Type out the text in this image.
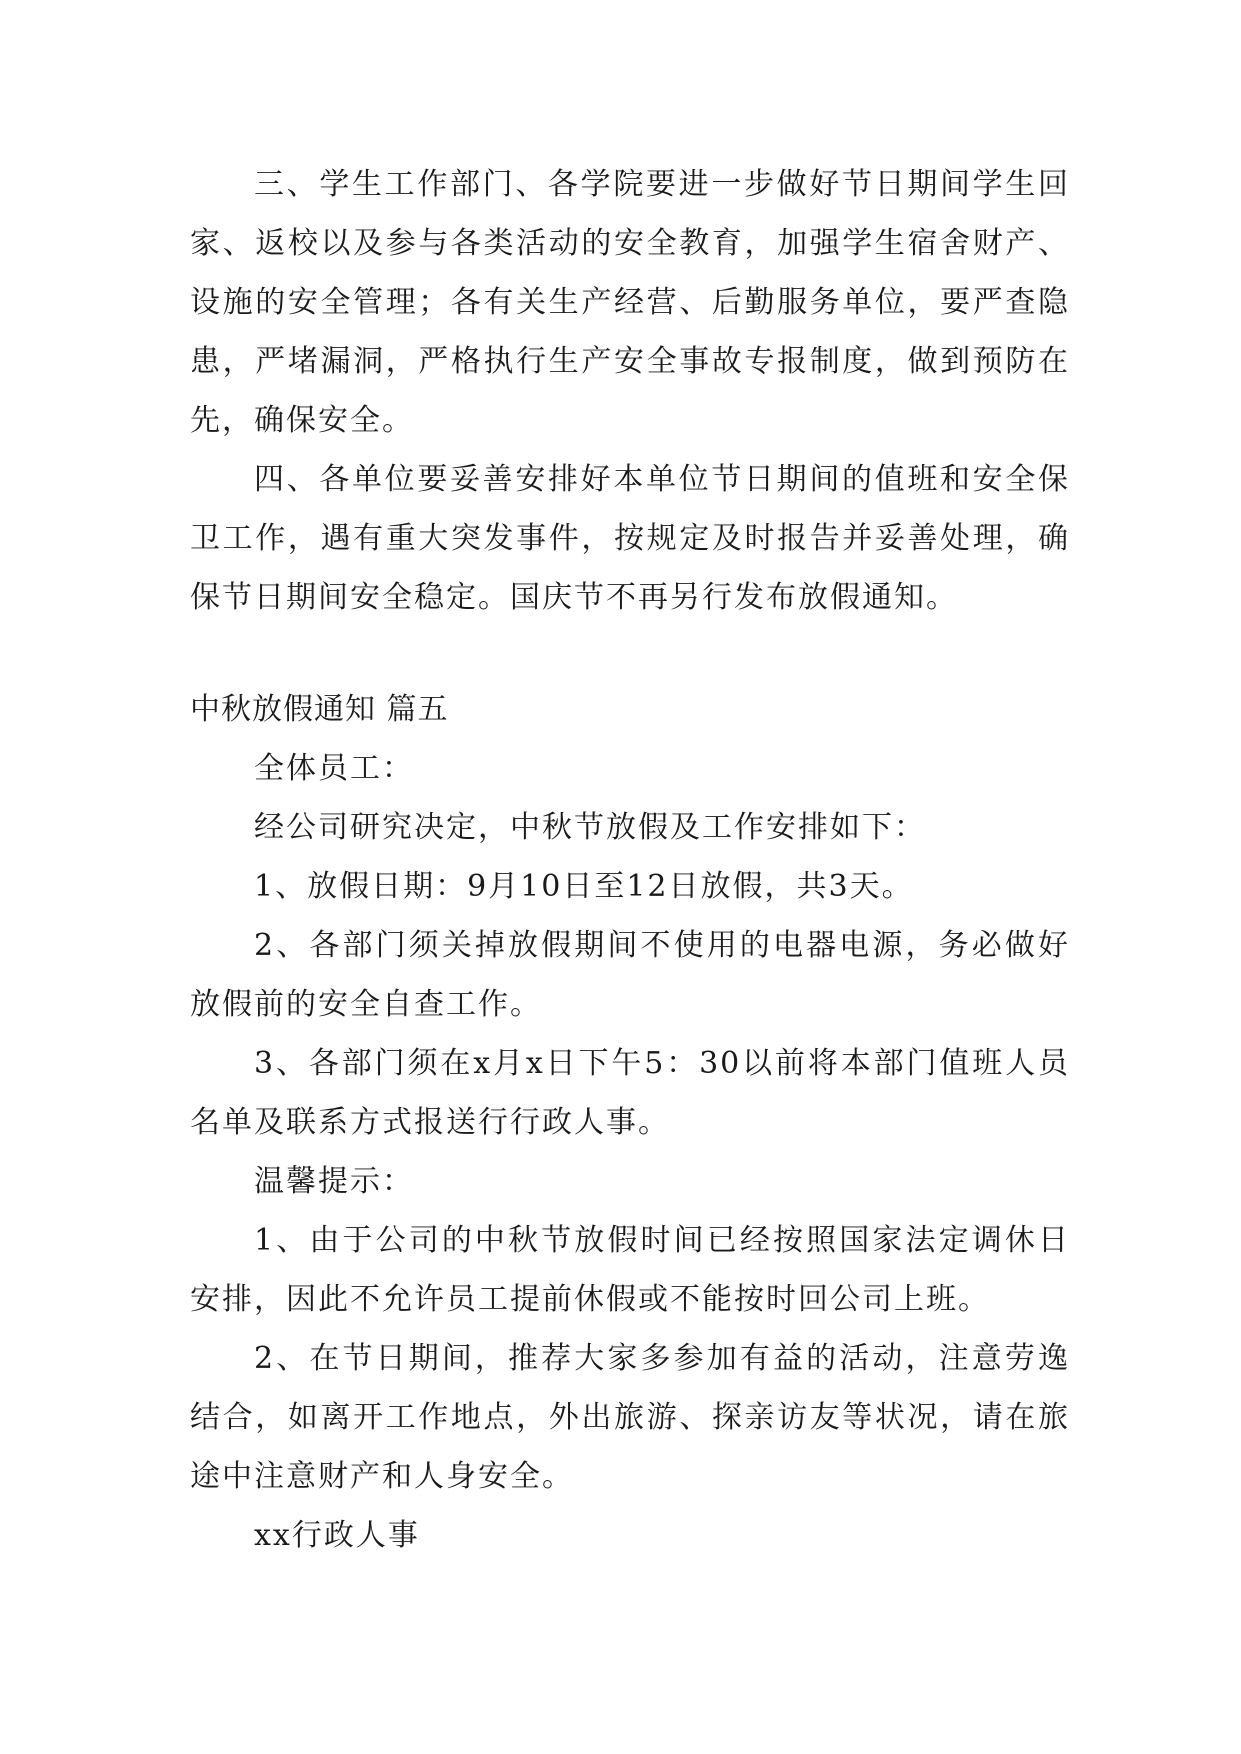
三、学生工作部门、各学院要进一步做好节日期间学生回家、返校以及参与各类活动的安全教育，加强学生宿舍财产、设施的安全管理；各有关生产经营、后勤服务单位，要严查隐患，严堵漏洞，严格执行生产安全事故专报制度，做到预防在先，确保安全。

四、各单位要妥善安排好本单位节日期间的值班和安全保卫工作，遇有重大突发事件，按规定及时报告并妥善处理，确保节日期间安全稳定。国庆节不再另行发布放假通知。

中秋放假通知 篇五

全体员工：

经公司研究决定，中秋节放假及工作安排如下：

1、放假日期：9月10日至12日放假，共3天。

2、各部门须关掉放假期间不使用的电器电源，务必做好放假前的安全自查工作。

3、各部门须在x月x日下午5：30以前将本部门值班人员名单及联系方式报送行行政人事。

温馨提示：

1、由于公司的中秋节放假时间已经按照国家法定调休日安排，因此不允许员工提前休假或不能按时回公司上班。

2、在节日期间，推荐大家多参加有益的活动，注意劳逸结合，如离开工作地点，外出旅游、探亲访友等状况，请在旅途中注意财产和人身安全。

xx行政人事
